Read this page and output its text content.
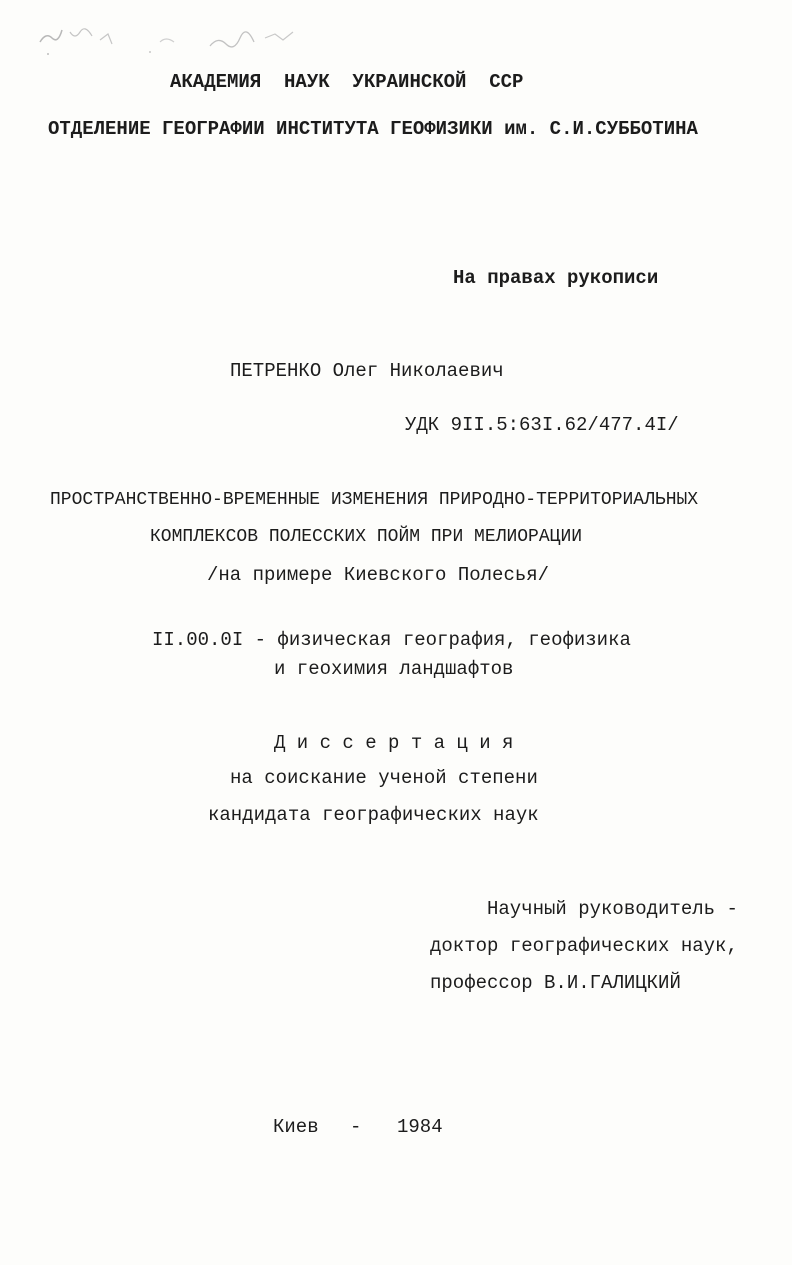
АКАДЕМИЯ  НАУК  УКРАИНСКОЙ  ССР
ОТДЕЛЕНИЕ ГЕОГРАФИИ ИНСТИТУТА ГЕОФИЗИКИ им. С.И.СУББОТИНА
На правах рукописи
ПЕТРЕНКО Олег Николаевич
УДК 9II.5:63I.62/477.4I/
ПРОСТРАНСТВЕННО-ВРЕМЕННЫЕ ИЗМЕНЕНИЯ ПРИРОДНО-ТЕРРИТОРИАЛЬНЫХ
КОМПЛЕКСОВ ПОЛЕССКИХ ПОЙМ ПРИ МЕЛИОРАЦИИ
/на примере Киевского Полесья/
II.00.0I - физическая география, геофизика
и геохимия ландшафтов
Д и с с е р т а ц и я
на соискание ученой степени
кандидата географических наук
Научный руководитель -
доктор географических наук,
профессор В.И.ГАЛИЦКИЙ
Киев - 1984
